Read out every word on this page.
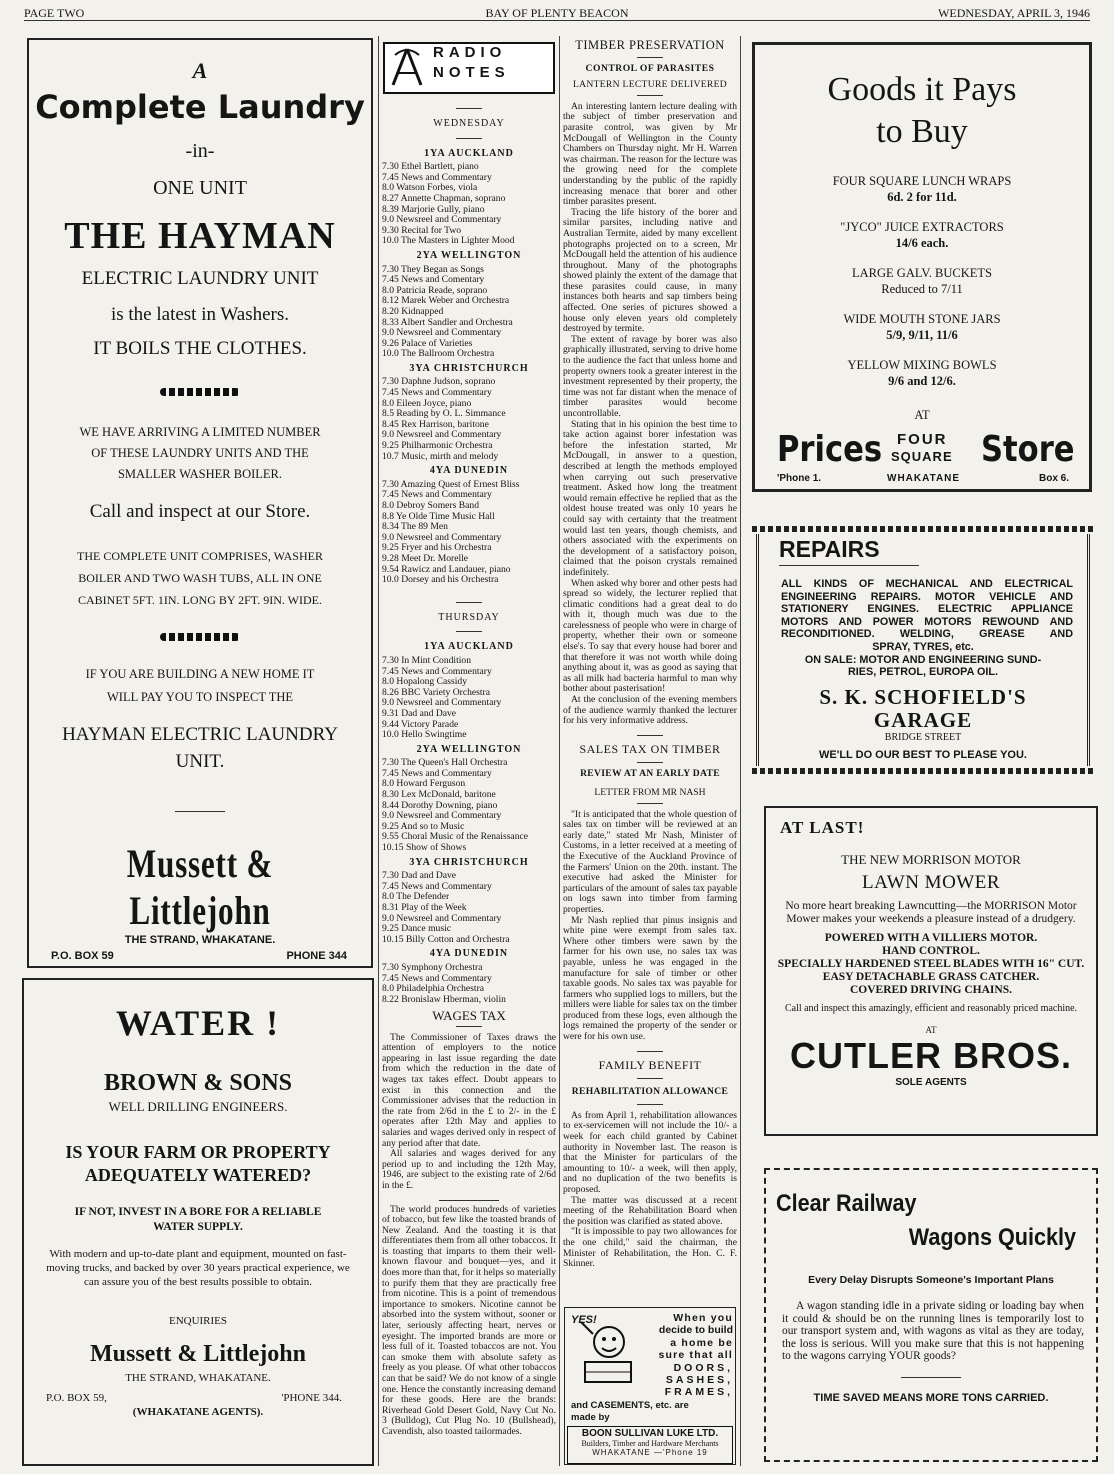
PAGE TWO	BAY OF PLENTY BEACON	WEDNESDAY, APRIL 3, 1946
A
Complete Laundry
-in-
ONE UNIT
THE HAYMAN
ELECTRIC LAUNDRY UNIT
is the latest in Washers.
IT BOILS THE CLOTHES.
WE HAVE ARRIVING A LIMITED NUMBER
OF THESE LAUNDRY UNITS AND THE
SMALLER WASHER BOILER.
Call and inspect at our Store.
THE COMPLETE UNIT COMPRISES, WASHER
BOILER AND TWO WASH TUBS, ALL IN ONE
CABINET 5FT. 1IN. LONG BY 2FT. 9IN. WIDE.
IF YOU ARE BUILDING A NEW HOME IT
WILL PAY YOU TO INSPECT THE
HAYMAN ELECTRIC LAUNDRY
UNIT.
Mussett & Littlejohn
THE STRAND, WHAKATANE.
P.O. BOX 59	PHONE 344
WATER !
BROWN & SONS
WELL DRILLING ENGINEERS.
IS YOUR FARM OR PROPERTY
ADEQUATELY WATERED?
IF NOT, INVEST IN A BORE FOR A RELIABLE
WATER SUPPLY.
With modern and up-to-date plant and equipment, mounted on fast-moving trucks, and backed by over 30 years practical experience, we can assure you of the best results possible to obtain.
ENQUIRIES
Mussett & Littlejohn
THE STRAND, WHAKATANE.
P.O. BOX 59,	'PHONE 344.
(WHAKATANE AGENTS).
RADIO
NOTES
WEDNESDAY
1YA AUCKLAND
7.30 Ethel Bartlett, piano
7.45 News and Commentary
8.0 Watson Forbes, viola
8.27 Annette Chapman, soprano
8.39 Marjorie Gully, piano
9.0 Newsreel and Commentary
9.30 Recital for Two
10.0 The Masters in Lighter Mood
2YA WELLINGTON
7.30 They Began as Songs
7.45 News and Comentary
8.0 Patricia Reade, soprano
8.12 Marek Weber and Orchestra
8.20 Kidnapped
8.33 Albert Sandler and Orchestra
9.0 Newsreel and Commentary
9.26 Palace of Varieties
10.0 The Ballroom Orchestra
3YA CHRISTCHURCH
7.30 Daphne Judson, soprano
7.45 News and Commentary
8.0 Eileen Joyce, piano
8.5 Reading by O. L. Simmance
8.45 Rex Harrison, baritone
9.0 Newsreel and Commentary
9.25 Philharmonic Orchestra
10.7 Music, mirth and melody
4YA DUNEDIN
7.30 Amazing Quest of Ernest Bliss
7.45 News and Commentary
8.0 Debroy Somers Band
8.8 Ye Olde Time Music Hall
8.34 The 89 Men
9.0 Newsreel and Commentary
9.25 Fryer and his Orchestra
9.28 Meet Dr. Morelle
9.54 Rawicz and Landauer, piano
10.0 Dorsey and his Orchestra
THURSDAY
1YA AUCKLAND
7.30 In Mint Condition
7.45 News and Commentary
8.0 Hopalong Cassidy
8.26 BBC Variety Orchestra
9.0 Newsreel and Commentary
9.31 Dad and Dave
9.44 Victory Parade
10.0 Hello Swingtime
2YA WELLINGTON
7.30 The Queen's Hall Orchestra
7.45 News and Commentary
8.0 Howard Ferguson
8.30 Lex McDonald, baritone
8.44 Dorothy Downing, piano
9.0 Newsreel and Commentary
9.25 And so to Music
9.55 Choral Music of the Renaissance
10.15 Show of Shows
3YA CHRISTCHURCH
7.30 Dad and Dave
7.45 News and Commentary
8.0 The Defender
8.31 Play of the Week
9.0 Newsreel and Commentary
9.25 Dance music
10.15 Billy Cotton and Orchestra
4YA DUNEDIN
7.30 Symphony Orchestra
7.45 News and Commentary
8.0 Philadelphia Orchestra
8.22 Bronislaw Hberman, violin
WAGES TAX

The Commissioner of Taxes draws the attention of employers to the notice appearing in last issue regarding the date from which the reduction in the date of wages tax takes effect. Doubt appears to exist in this connection and the Commissioner advises that the reduction in the rate from 2/6d in the £ to 2/- in the £ operates after 12th May and applies to salaries and wages derived only in respect of any period after that date.

All salaries and wages derived for any period up to and including the 12th May, 1946, are subject to the existing rate of 2/6d in the £.

The world produces hundreds of varieties of tobacco, but few like the toasted brands of New Zealand. And the toasting it is that differentiates them from all other tobaccos. It is toasting that imparts to them their well-known flavour and bouquet—yes, and it does more than that, for it helps so materially to purify them that they are practically free from nicotine. This is a point of tremendous importance to smokers. Nicotine cannot be absorbed into the system without, sooner or later, seriously affecting heart, nerves or eyesight. The imported brands are more or less full of it. Toasted tobaccos are not. You can smoke them with absolute safety as freely as you please. Of what other tobaccos can that be said? We do not know of a single one. Hence the constantly increasing demand for these goods. Here are the brands: Riverhead Gold Desert Gold, Navy Cut No. 3 (Bulldog), Cut Plug No. 10 (Bullshead), Cavendish, also toasted tailormades.

TIMBER PRESERVATION
CONTROL OF PARASITES
LANTERN LECTURE DELIVERED

An interesting lantern lecture dealing with the subject of timber preservation and parasite control, was given by Mr McDougall of Wellington in the County Chambers on Thursday night. Mr H. Warren was chairman. The reason for the lecture was the growing need for the complete understanding by the public of the rapidly increasing menace that borer and other timber parasites present.

Tracing the life history of the borer and similar parsites, including native and Australian Termite, aided by many excellent photographs projected on to a screen, Mr McDougall held the attention of his audience throughout. Many of the photographs showed plainly the extent of the damage that these parasites could cause, in many instances both hearts and sap timbers being affected. One series of pictures showed a house only eleven years old completely destroyed by termite.

The extent of ravage by borer was also graphically illustrated, serving to drive home to the audience the fact that unless home and property owners took a greater interest in the investment represented by their property, the time was not far distant when the menace of timber parasites would become uncontrollable.

Stating that in his opinion the best time to take action against borer infestation was before the infestation started, Mr McDougall, in answer to a question, described at length the methods employed when carrying out such preservative treatment. Asked how long the treatment would remain effective he replied that as the oldest house treated was only 10 years he could say with certainty that the treatment would last ten years, though chemists, and others associated with the experiments on the development of a satisfactory poison, claimed that the poison crystals remained indefinitely.

When asked why borer and other pests had spread so widely, the lecturer replied that climatic conditions had a great deal to do with it, though much was due to the carelessness of people who were in charge of property, whether their own or someone else's. To say that every house had borer and that therefore it was not worth while doing anything about it, was as good as saying that as all milk had bacteria harmful to man why bother about pasterisation!

At the conclusion of the evening members of the audience warmly thanked the lecturer for his very informative address.

SALES TAX ON TIMBER
REVIEW AT AN EARLY DATE
LETTER FROM MR NASH

"It is anticipated that the whole question of sales tax on timber will be reviewed at an early date," stated Mr Nash, Minister of Customs, in a letter received at a meeting of the Executive of the Auckland Province of the Farmers' Union on the 20th. instant. The executive had asked the Minister for particulars of the amount of sales tax payable on logs sawn into timber from farming properties.

Mr Nash replied that pinus insignis and white pine were exempt from sales tax. Where other timbers were sawn by the farmer for his own use, no sales tax was payable, unless he was engaged in the manufacture for sale of timber or other taxable goods. No sales tax was payable for farmers who supplied logs to millers, but the millers were liable for sales tax on the timber produced from these logs, even although the logs remained the property of the sender or were for his own use.

FAMILY BENEFIT
REHABILITATION ALLOWANCE

As from April 1, rehabilitation allowances to ex-servicemen will not include the 10/- a week for each child granted by Cabinet authority in November last. The reason is that the Minister for particulars of the amounting to 10/- a week, will then apply, and no duplication of the two benefits is proposed.

The matter was discussed at a recent meeting of the Rehabilitation Board when the position was clarified as stated above.

"It is impossible to pay two allowances for the one child," said the chairman, the Minister of Rehabilitation, the Hon. C. F. Skinner.

YES!	When you
decide to build
a home be
sure that all
DOORS,
SASHES,
FRAMES,
and CASEMENTS, etc. are
made by
BOON SULLIVAN LUKE LTD.
Builders, Timber and Hardware Merchants
WHAKATANE —'Phone 19
Goods it Pays
to Buy
FOUR SQUARE LUNCH WRAPS
6d. 2 for 11d.
"JYCO" JUICE EXTRACTORS
14/6 each.
LARGE GALV. BUCKETS
Reduced to 7/11
WIDE MOUTH STONE JARS
5/9, 9/11, 11/6
YELLOW MIXING BOWLS
9/6 and 12/6.
AT
Prices FOUR
SQUARE Store
'Phone 1.	WHAKATANE	Box 6.
REPAIRS
ALL KINDS OF MECHANICAL AND ELECTRICAL
ENGINEERING REPAIRS. MOTOR VEHICLE AND
STATIONERY ENGINES. ELECTRIC APPLIANCE
MOTORS AND POWER MOTORS REWOUND AND
RECONDITIONED. WELDING, GREASE AND
SPRAY, TYRES, etc.
ON SALE: MOTOR AND ENGINEERING SUND-
RIES, PETROL, EUROPA OIL.
S. K. SCHOFIELD'S
GARAGE
BRIDGE STREET
WE'LL DO OUR BEST TO PLEASE YOU.
AT LAST!
THE NEW MORRISON MOTOR
LAWN MOWER
No more heart breaking Lawncutting—the MORRISON Motor Mower makes your weekends a pleasure instead of a drudgery.
POWERED WITH A VILLIERS MOTOR.
HAND CONTROL.
SPECIALLY HARDENED STEEL BLADES WITH 16" CUT.
EASY DETACHABLE GRASS CATCHER.
COVERED DRIVING CHAINS.
Call and inspect this amazingly, efficient and reasonably priced machine.
AT
CUTLER BROS.
SOLE AGENTS
Clear Railway
Wagons Quickly
Every Delay Disrupts Someone's Important Plans
A wagon standing idle in a private siding or loading bay when it could & should be on the running lines is temporarily lost to our transport system and, with wagons as vital as they are today, the loss is serious. Will you make sure that this is not happening to the wagons carrying YOUR goods?
TIME SAVED MEANS MORE TONS CARRIED.
